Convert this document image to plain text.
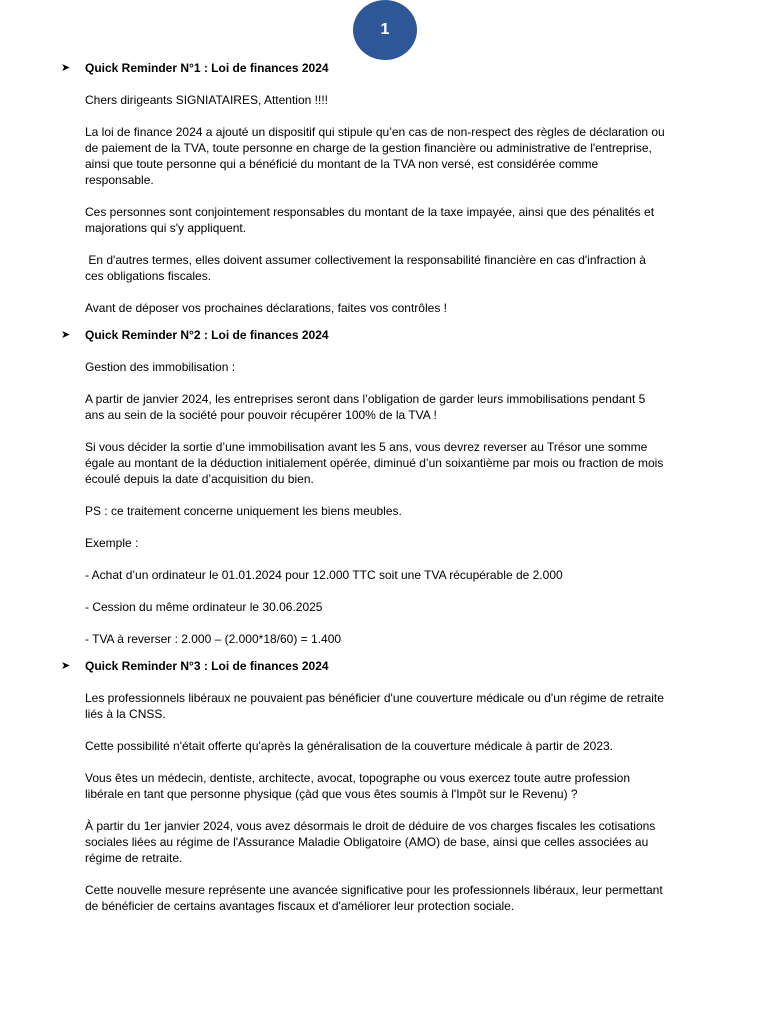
1
➤ Quick Reminder N°1 : Loi de finances 2024

Chers dirigeants SIGNIATAIRES, Attention !!!!

La loi de finance 2024 a ajouté un dispositif qui stipule qu’en cas de non-respect des règles de déclaration ou de paiement de la TVA, toute personne en charge de la gestion financière ou administrative de l'entreprise, ainsi que toute personne qui a bénéficié du montant de la TVA non versé, est considérée comme responsable.

Ces personnes sont conjointement responsables du montant de la taxe impayée, ainsi que des pénalités et majorations qui s'y appliquent.

En d'autres termes, elles doivent assumer collectivement la responsabilité financière en cas d'infraction à ces obligations fiscales.

Avant de déposer vos prochaines déclarations, faites vos contrôles !

➤ Quick Reminder N°2 : Loi de finances 2024

Gestion des immobilisation :

A partir de janvier 2024, les entreprises seront dans l’obligation de garder leurs immobilisations pendant 5 ans au sein de la société pour pouvoir récupérer 100% de la TVA !

Si vous décider la sortie d’une immobilisation avant les 5 ans, vous devrez reverser au Trésor une somme égale au montant de la déduction initialement opérée, diminué d’un soixantième par mois ou fraction de mois écoulé depuis la date d’acquisition du bien.

PS : ce traitement concerne uniquement les biens meubles.

Exemple :

- Achat d’un ordinateur le 01.01.2024 pour 12.000 TTC soit une TVA récupérable de 2.000

- Cession du même ordinateur le 30.06.2025

- TVA à reverser : 2.000 – (2.000*18/60) = 1.400

➤ Quick Reminder N°3 : Loi de finances 2024

Les professionnels libéraux ne pouvaient pas bénéficier d'une couverture médicale ou d'un régime de retraite liés à la CNSS.

Cette possibilité n'était offerte qu'après la généralisation de la couverture médicale à partir de 2023.

Vous êtes un médecin, dentiste, architecte, avocat, topographe ou vous exercez toute autre profession libérale en tant que personne physique (çàd que vous êtes soumis à l'Impôt sur le Revenu) ?

À partir du 1er janvier 2024, vous avez désormais le droit de déduire de vos charges fiscales les cotisations sociales liées au régime de l'Assurance Maladie Obligatoire (AMO) de base, ainsi que celles associées au régime de retraite.

Cette nouvelle mesure représente une avancée significative pour les professionnels libéraux, leur permettant de bénéficier de certains avantages fiscaux et d'améliorer leur protection sociale.
